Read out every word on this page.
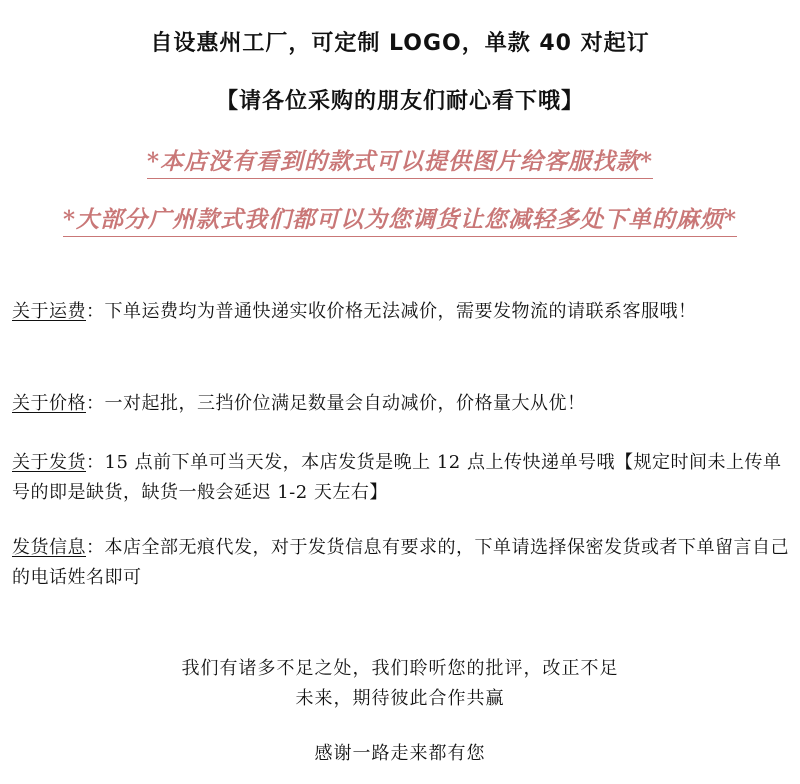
自设惠州工厂，可定制 LOGO，单款 40 对起订
【请各位采购的朋友们耐心看下哦】
*本店没有看到的款式可以提供图片给客服找款*
*大部分广州款式我们都可以为您调货让您减轻多处下单的麻烦*
关于运费：下单运费均为普通快递实收价格无法减价，需要发物流的请联系客服哦！
关于价格：一对起批，三挡价位满足数量会自动减价，价格量大从优！
关于发货：15 点前下单可当天发，本店发货是晚上 12 点上传快递单号哦【规定时间未上传单号的即是缺货，缺货一般会延迟 1-2 天左右】
发货信息：本店全部无痕代发，对于发货信息有要求的，下单请选择保密发货或者下单留言自己的电话姓名即可
我们有诸多不足之处，我们聆听您的批评，改正不足
未来，期待彼此合作共赢
感谢一路走来都有您
